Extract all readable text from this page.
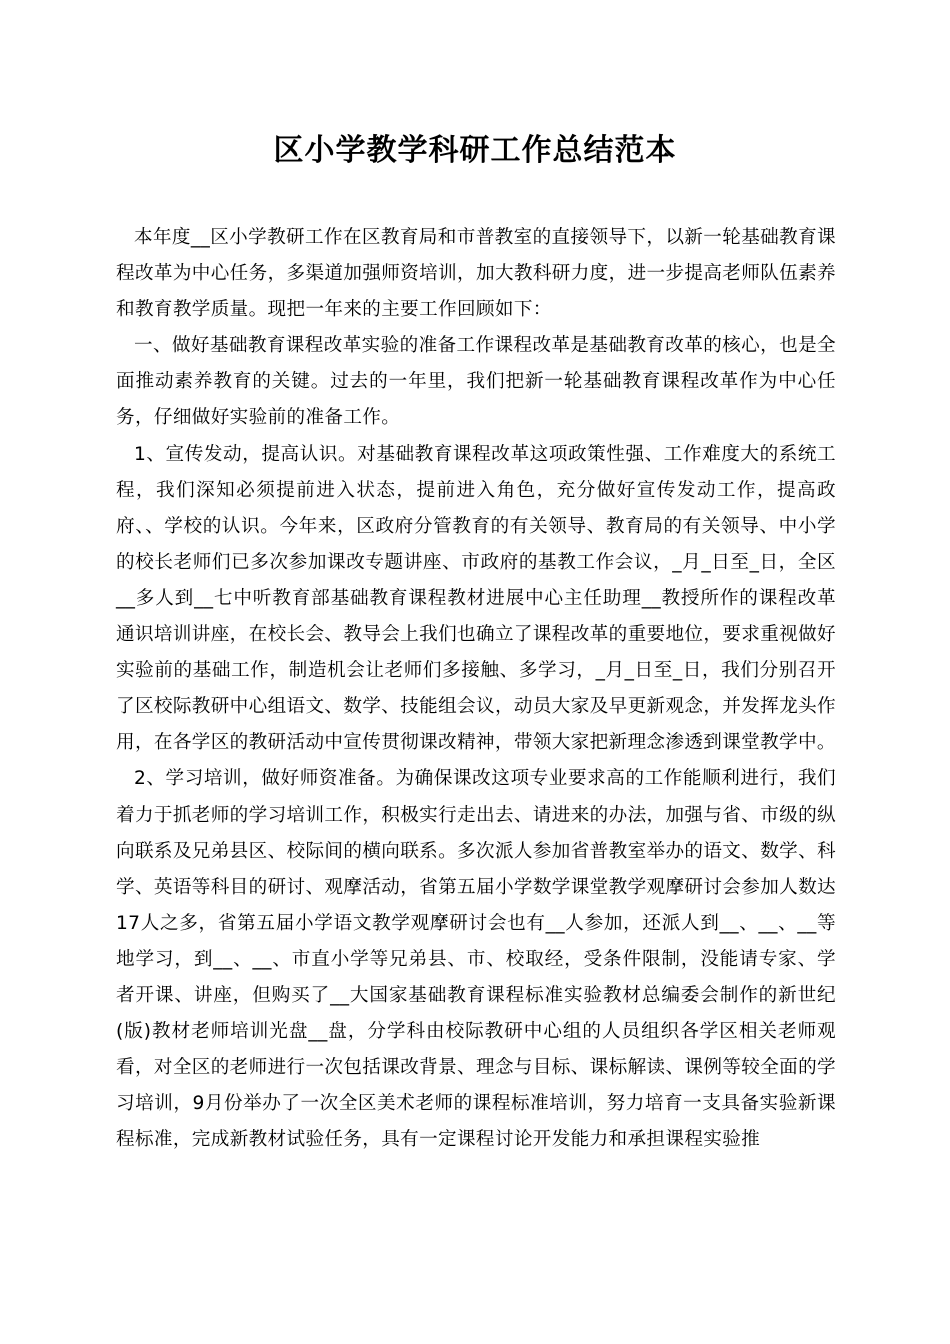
区小学教学科研工作总结范本

本年度__区小学教研工作在区教育局和市普教室的直接领导下，以新一轮基础教育课程改革为中心任务，多渠道加强师资培训，加大教科研力度，进一步提高老师队伍素养和教育教学质量。现把一年来的主要工作回顾如下：

一、做好基础教育课程改革实验的准备工作课程改革是基础教育改革的核心，也是全面推动素养教育的关键。过去的一年里，我们把新一轮基础教育课程改革作为中心任务，仔细做好实验前的准备工作。

1、宣传发动，提高认识。对基础教育课程改革这项政策性强、工作难度大的系统工程，我们深知必须提前进入状态，提前进入角色，充分做好宣传发动工作，提高政府、、学校的认识。今年来，区政府分管教育的有关领导、教育局的有关领导、中小学的校长老师们已多次参加课改专题讲座、市政府的基教工作会议，_月_日至_日，全区__多人到__七中听教育部基础教育课程教材进展中心主任助理__教授所作的课程改革通识培训讲座，在校长会、教导会上我们也确立了课程改革的重要地位，要求重视做好实验前的基础工作，制造机会让老师们多接触、多学习，_月_日至_日，我们分别召开了区校际教研中心组语文、数学、技能组会议，动员大家及早更新观念，并发挥龙头作用，在各学区的教研活动中宣传贯彻课改精神，带领大家把新理念渗透到课堂教学中。

2、学习培训，做好师资准备。为确保课改这项专业要求高的工作能顺利进行，我们着力于抓老师的学习培训工作，积极实行走出去、请进来的办法，加强与省、市级的纵向联系及兄弟县区、校际间的横向联系。多次派人参加省普教室举办的语文、数学、科学、英语等科目的研讨、观摩活动，省第五届小学数学课堂教学观摩研讨会参加人数达17人之多，省第五届小学语文教学观摩研讨会也有__人参加，还派人到__、__、__等地学习，到__、__、市直小学等兄弟县、市、校取经，受条件限制，没能请专家、学者开课、讲座，但购买了__大国家基础教育课程标准实验教材总编委会制作的新世纪(版)教材老师培训光盘__盘，分学科由校际教研中心组的人员组织各学区相关老师观看，对全区的老师进行一次包括课改背景、理念与目标、课标解读、课例等较全面的学习培训，9月份举办了一次全区美术老师的课程标准培训，努力培育一支具备实验新课程标准，完成新教材试验任务，具有一定课程讨论开发能力和承担课程实验推
